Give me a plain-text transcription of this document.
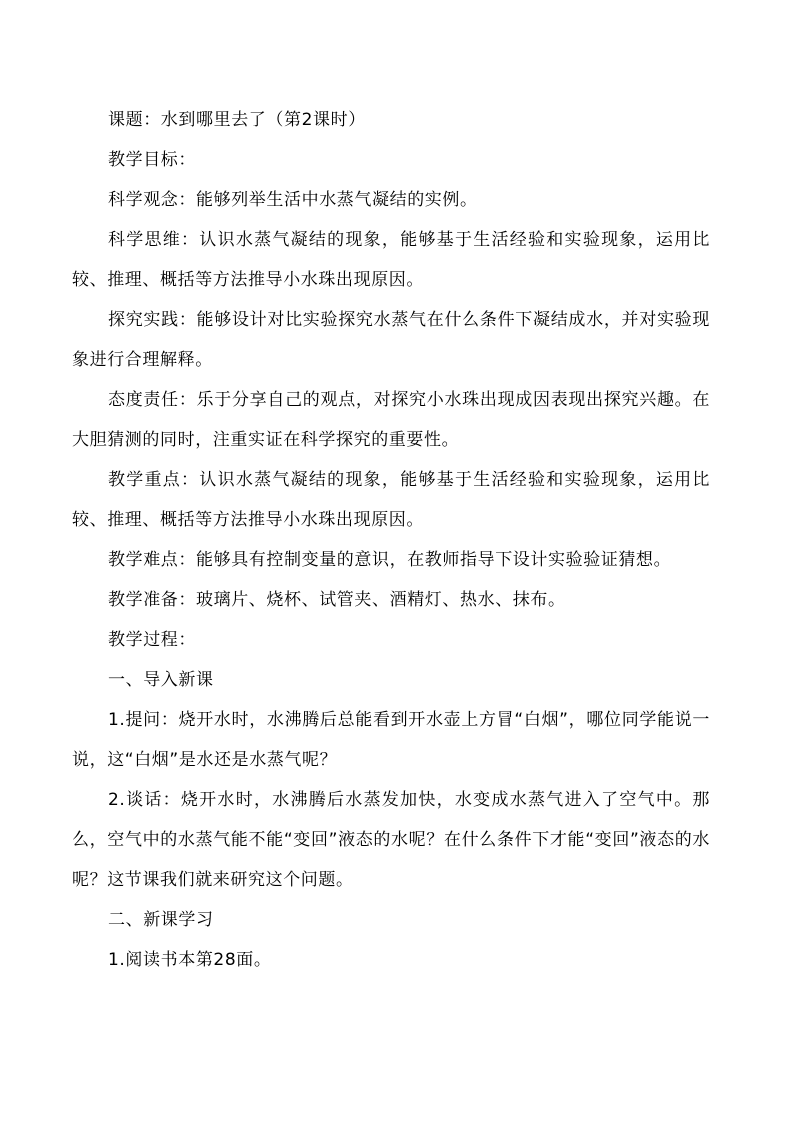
课题：水到哪里去了（第2课时）

教学目标：

科学观念：能够列举生活中水蒸气凝结的实例。

科学思维：认识水蒸气凝结的现象，能够基于生活经验和实验现象，运用比较、推理、概括等方法推导小水珠出现原因。

探究实践：能够设计对比实验探究水蒸气在什么条件下凝结成水，并对实验现象进行合理解释。

态度责任：乐于分享自己的观点，对探究小水珠出现成因表现出探究兴趣。在大胆猜测的同时，注重实证在科学探究的重要性。

教学重点：认识水蒸气凝结的现象，能够基于生活经验和实验现象，运用比较、推理、概括等方法推导小水珠出现原因。

教学难点：能够具有控制变量的意识，在教师指导下设计实验验证猜想。

教学准备：玻璃片、烧杯、试管夹、酒精灯、热水、抹布。

教学过程：

一、导入新课

1.提问：烧开水时，水沸腾后总能看到开水壶上方冒“白烟”，哪位同学能说一说，这“白烟”是水还是水蒸气呢？

2.谈话：烧开水时，水沸腾后水蒸发加快，水变成水蒸气进入了空气中。那么，空气中的水蒸气能不能“变回”液态的水呢？在什么条件下才能“变回”液态的水呢？这节课我们就来研究这个问题。

二、新课学习

1.阅读书本第28面。
